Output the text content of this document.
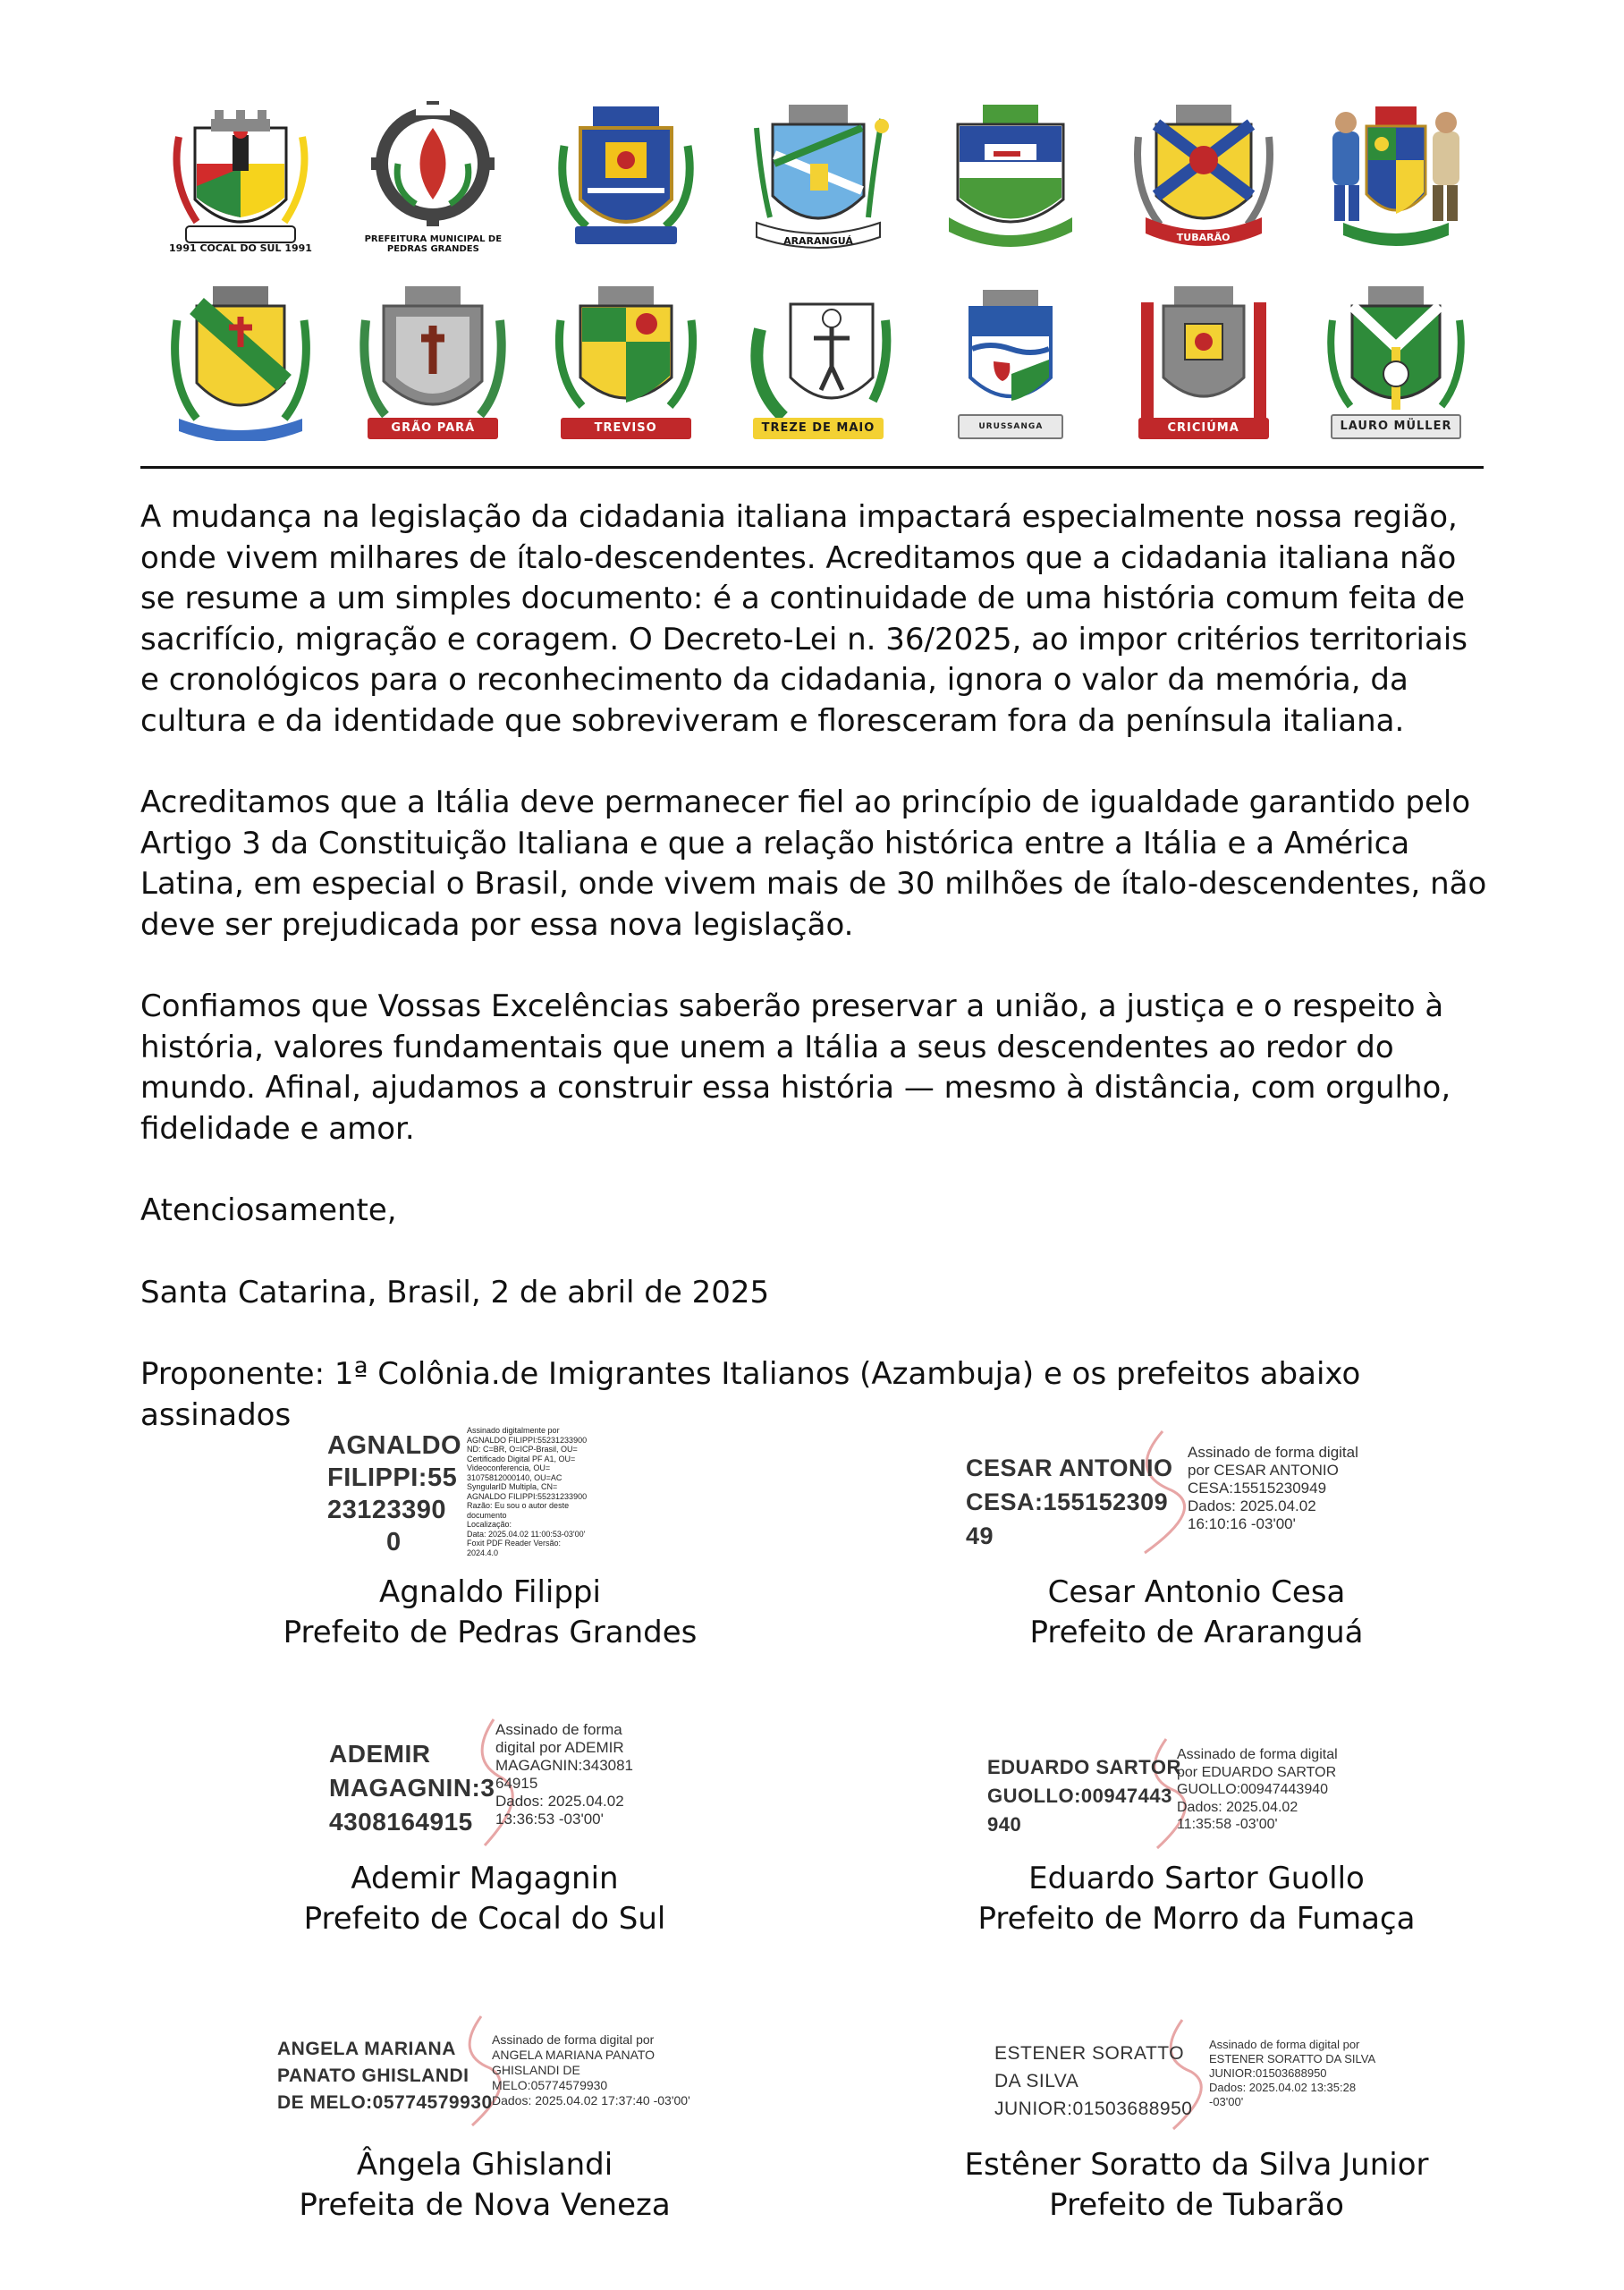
1991 COCAL DO SUL 1991
PREFEITURA MUNICIPAL DE PEDRAS GRANDES
ARARANGUÁ	TUBARÃO
GRÃO PARÁ	TREVISO	TREZE DE MAIO	URUSSANGA	CRICIÚMA	LAURO MÜLLER

A mudança na legislação da cidadania italiana impactará especialmente nossa região, onde vivem milhares de ítalo-descendentes. Acreditamos que a cidadania italiana não se resume a um simples documento: é a continuidade de uma história comum feita de sacrifício, migração e coragem. O Decreto-Lei n. 36/2025, ao impor critérios territoriais e cronológicos para o reconhecimento da cidadania, ignora o valor da memória, da cultura e da identidade que sobreviveram e floresceram fora da península italiana.

Acreditamos que a Itália deve permanecer fiel ao princípio de igualdade garantido pelo Artigo 3 da Constituição Italiana e que a relação histórica entre a Itália e a América Latina, em especial o Brasil, onde vivem mais de 30 milhões de ítalo-descendentes, não deve ser prejudicada por essa nova legislação.

Confiamos que Vossas Excelências saberão preservar a união, a justiça e o respeito à história, valores fundamentais que unem a Itália a seus descendentes ao redor do mundo. Afinal, ajudamos a construir essa história — mesmo à distância, com orgulho, fidelidade e amor.

Atenciosamente,

Santa Catarina, Brasil, 2 de abril de 2025

Proponente: 1ª Colônia.de Imigrantes Italianos (Azambuja) e os prefeitos abaixo assinados

AGNALDO
FILIPPI:55
23123390
0
Assinado digitalmente por
AGNALDO FILIPPI:55231233900
ND: C=BR, O=ICP-Brasil, OU=
Certificado Digital PF A1, OU=
Videoconferencia, OU=
31075812000140, OU=AC
SyngularID Multipla, CN=
AGNALDO FILIPPI:55231233900
Razão: Eu sou o autor deste
documento
Localização:
Data: 2025.04.02 11:00:53-03'00'
Foxit PDF Reader Versão:
2024.4.0
Agnaldo Filippi
Prefeito de Pedras Grandes
CESAR ANTONIO
CESA:155152309
49
Assinado de forma digital
por CESAR ANTONIO
CESA:15515230949
Dados: 2025.04.02
16:10:16 -03'00'
Cesar Antonio Cesa
Prefeito de Araranguá
ADEMIR
MAGAGNIN:3
4308164915
Assinado de forma
digital por ADEMIR
MAGAGNIN:343081
64915
Dados: 2025.04.02
13:36:53 -03'00'
Ademir Magagnin
Prefeito de Cocal do Sul
EDUARDO SARTOR
GUOLLO:00947443
940
Assinado de forma digital
por EDUARDO SARTOR
GUOLLO:00947443940
Dados: 2025.04.02
11:35:58 -03'00'
Eduardo Sartor Guollo
Prefeito de Morro da Fumaça
ANGELA MARIANA
PANATO GHISLANDI
DE MELO:05774579930
Assinado de forma digital por
ANGELA MARIANA PANATO
GHISLANDI DE
MELO:05774579930
Dados: 2025.04.02 17:37:40 -03'00'
Ângela Ghislandi
Prefeita de Nova Veneza
ESTENER SORATTO
DA SILVA
JUNIOR:01503688950
Assinado de forma digital por
ESTENER SORATTO DA SILVA
JUNIOR:01503688950
Dados: 2025.04.02 13:35:28
-03'00'
Estêner Soratto da Silva Junior
Prefeito de Tubarão
